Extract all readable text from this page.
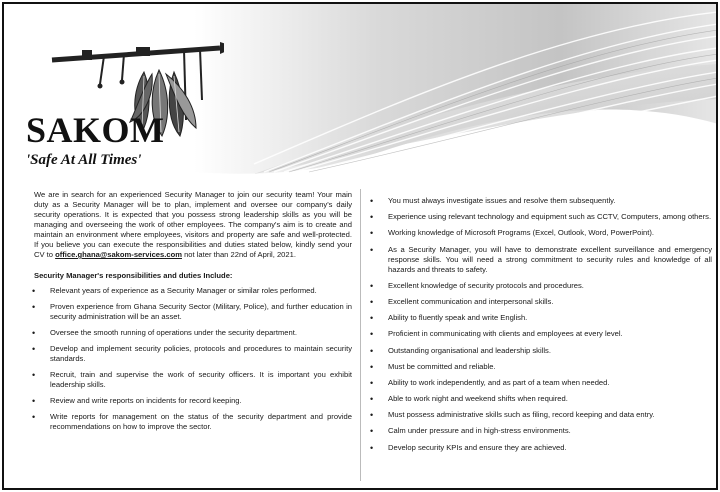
SAKOM
'Safe At All Times'

We are in search for an experienced Security Manager to join our security team! Your main duty as a Security Manager will be to plan, implement and oversee our company's daily security operations. It is expected that you possess strong leadership skills as you will be managing and overseeing the work of other employees. The company's aim is to create and maintain an environment where employees, visitors and property are safe and well-protected. If you believe you can execute the responsibilities and duties stated below, kindly send your CV to office.ghana@sakom-services.com not later than 22nd of April, 2021.

Security Manager's responsibilities and duties Include:
• Relevant years of experience as a Security Manager or similar roles performed.
• Proven experience from Ghana Security Sector (Military, Police), and further education in security administration will be an asset.
• Oversee the smooth running of operations under the security department.
• Develop and implement security policies, protocols and procedures to maintain security standards.
• Recruit, train and supervise the work of security officers. It is important you exhibit leadership skills.
• Review and write reports on incidents for record keeping.
• Write reports for management on the status of the security department and provide recommendations on how to improve the sector.
• You must always investigate issues and resolve them subsequently.
• Experience using relevant technology and equipment such as CCTV, Computers, among others.
• Working knowledge of Microsoft Programs (Excel, Outlook, Word, PowerPoint).
• As a Security Manager, you will have to demonstrate excellent surveillance and emergency response skills. You will need a strong commitment to security rules and knowledge of all hazards and threats to safety.
• Excellent knowledge of security protocols and procedures.
• Excellent communication and interpersonal skills.
• Ability to fluently speak and write English.
• Proficient in communicating with clients and employees at every level.
• Outstanding organisational and leadership skills.
• Must be committed and reliable.
• Ability to work independently, and as part of a team when needed.
• Able to work night and weekend shifts when required.
• Must possess administrative skills such as filing, record keeping and data entry.
• Calm under pressure and in high-stress environments.
• Develop security KPIs and ensure they are achieved.
